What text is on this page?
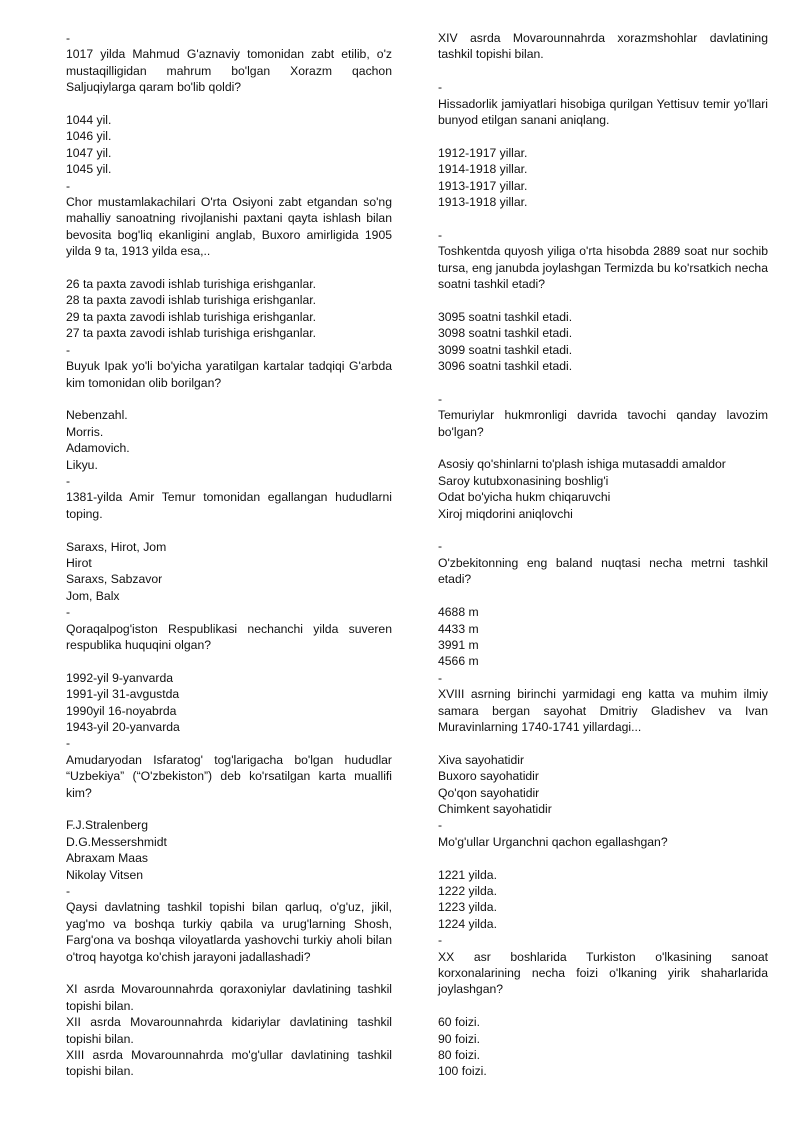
-
1017 yilda Mahmud G'aznaviy tomonidan zabt etilib, o'z mustaqilligidan mahrum bo'lgan Xorazm qachon Saljuqiylarga qaram bo'lib qoldi?
1044 yil.
1046 yil.
1047 yil.
1045 yil.
-
Chor mustamlakachilari O'rta Osiyoni zabt etgandan so'ng mahalliy sanoatning rivojlanishi paxtani qayta ishlash bilan bevosita bog'liq ekanligini anglab, Buxoro amirligida 1905 yilda 9 ta, 1913 yilda esa,..
26 ta paxta zavodi ishlab turishiga erishganlar.
28 ta paxta zavodi ishlab turishiga erishganlar.
29 ta paxta zavodi ishlab turishiga erishganlar.
27 ta paxta zavodi ishlab turishiga erishganlar.
-
Buyuk Ipak yo'li bo'yicha yaratilgan kartalar tadqiqi G'arbda kim tomonidan olib borilgan?
Nebenzahl.
Morris.
Adamovich.
Likyu.
-
1381-yilda Amir Temur tomonidan egallangan hududlarni toping.
Saraxs, Hirot, Jom
Hirot
Saraxs, Sabzavor
Jom, Balx
-
Qoraqalpog'iston Respublikasi nechanchi yilda suveren respublika huquqini olgan?
1992-yil 9-yanvarda
1991-yil 31-avgustda
1990yil 16-noyabrda
1943-yil 20-yanvarda
-
Amudaryodan Isfaratog' tog'larigacha bo'lgan hududlar “Uzbekiya” (“O'zbekiston”) deb ko'rsatilgan karta muallifi kim?
F.J.Stralenberg
D.G.Messershmidt
Abraxam Maas
Nikolay Vitsen
-
Qaysi davlatning tashkil topishi bilan qarluq, o'g'uz, jikil, yag'mo va boshqa turkiy qabila va urug'larning Shosh, Farg'ona va boshqa viloyatlarda yashovchi turkiy aholi bilan o'troq hayotga ko'chish jarayoni jadallashadi?
XI asrda Movarounnahrda qoraxoniylar davlatining tashkil topishi bilan.
XII asrda Movarounnahrda kidariylar davlatining tashkil topishi bilan.
XIII asrda Movarounnahrda mo'g'ullar davlatining tashkil topishi bilan.
XIV asrda Movarounnahrda xorazmshohlar davlatining tashkil topishi bilan.
-
Hissadorlik jamiyatlari hisobiga qurilgan Yettisuv temir yo'llari bunyod etilgan sanani aniqlang.
1912-1917 yillar.
1914-1918 yillar.
1913-1917 yillar.
1913-1918 yillar.
-
Toshkentda quyosh yiliga o'rta hisobda 2889 soat nur sochib tursa, eng janubda joylashgan Termizda bu ko'rsatkich necha soatni tashkil etadi?
3095 soatni tashkil etadi.
3098 soatni tashkil etadi.
3099 soatni tashkil etadi.
3096 soatni tashkil etadi.
-
Temuriylar hukmronligi davrida tavochi qanday lavozim bo'lgan?
Asosiy qo'shinlarni to'plash ishiga mutasaddi amaldor
Saroy kutubxonasining boshlig'i
Odat bo'yicha hukm chiqaruvchi
Xiroj miqdorini aniqlovchi
-
O'zbekitonning eng baland nuqtasi necha metrni tashkil etadi?
4688 m
4433 m
3991 m
4566 m
-
XVIII asrning birinchi yarmidagi eng katta va muhim ilmiy samara bergan sayohat Dmitriy Gladishev va Ivan Muravinlarning 1740-1741 yillardagi...
Xiva sayohatidir
Buxoro sayohatidir
Qo'qon sayohatidir
Chimkent sayohatidir
-
Mo'g'ullar Urganchni qachon egallashgan?
1221 yilda.
1222 yilda.
1223 yilda.
1224 yilda.
-
XX asr boshlarida Turkiston o'lkasining sanoat korxonalarining necha foizi o'lkaning yirik shaharlarida joylashgan?
60 foizi.
90 foizi.
80 foizi.
100 foizi.
